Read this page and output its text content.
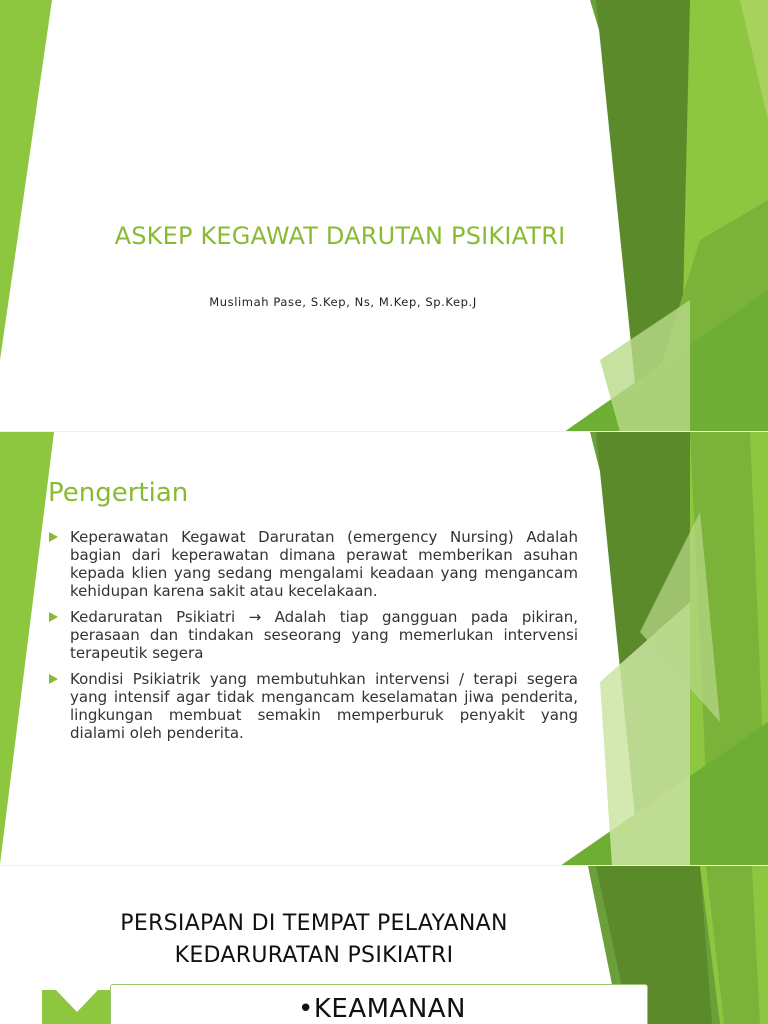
ASKEP KEGAWAT DARUTAN PSIKIATRI
Muslimah Pase, S.Kep, Ns, M.Kep, Sp.Kep.J
Pengertian
Keperawatan Kegawat Daruratan (emergency Nursing) Adalah bagian dari keperawatan dimana perawat memberikan asuhan kepada klien yang sedang mengalami keadaan yang mengancam kehidupan karena sakit atau kecelakaan.
Kedaruratan Psikiatri → Adalah tiap gangguan pada pikiran, perasaan dan tindakan seseorang yang memerlukan intervensi terapeutik segera
Kondisi Psikiatrik yang membutuhkan intervensi / terapi segera yang intensif agar tidak mengancam keselamatan jiwa penderita, lingkungan membuat semakin memperburuk penyakit yang dialami oleh penderita.
PERSIAPAN DI TEMPAT PELAYANAN
KEDARURATAN PSIKIATRI
•KEAMANAN
